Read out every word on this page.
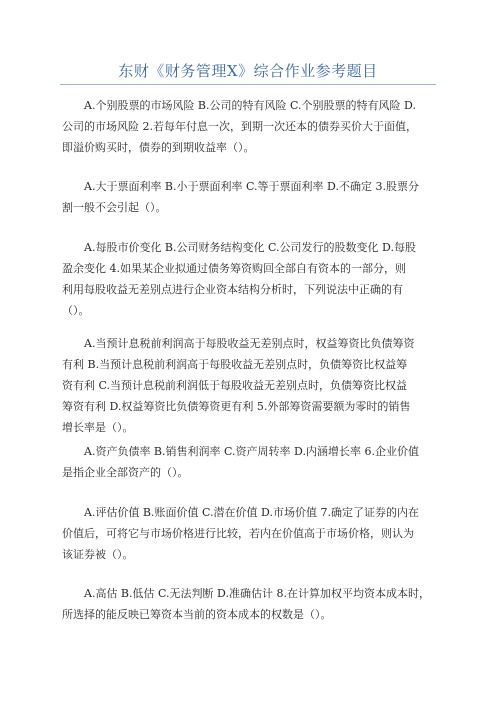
东财《财务管理X》综合作业参考题目

A.个别股票的市场风险 B.公司的特有风险 C.个别股票的特有风险 D.
公司的市场风险 2.若每年付息一次，到期一次还本的债券买价大于面值，
即溢价购买时，债券的到期收益率（）。

A.大于票面利率 B.小于票面利率 C.等于票面利率 D.不确定 3.股票分
割一般不会引起（）。

A.每股市价变化 B.公司财务结构变化 C.公司发行的股数变化 D.每股
盈余变化 4.如果某企业拟通过债务筹资购回全部自有资本的一部分，则
利用每股收益无差别点进行企业资本结构分析时，下列说法中正确的有
（）。

A.当预计息税前利润高于每股收益无差别点时，权益筹资比负债筹资
有利 B.当预计息税前利润高于每股收益无差别点时，负债筹资比权益筹
资有利 C.当预计息税前利润低于每股收益无差别点时，负债筹资比权益
筹资有利 D.权益筹资比负债筹资更有利 5.外部筹资需要额为零时的销售
增长率是（）。

A.资产负债率 B.销售利润率 C.资产周转率 D.内涵增长率 6.企业价值
是指企业全部资产的（）。

A.评估价值 B.账面价值 C.潜在价值 D.市场价值 7.确定了证券的内在
价值后，可将它与市场价格进行比较，若内在价值高于市场价格，则认为
该证券被（）。

A.高估 B.低估 C.无法判断 D.准确估计 8.在计算加权平均资本成本时，
所选择的能反映已筹资本当前的资本成本的权数是（）。
